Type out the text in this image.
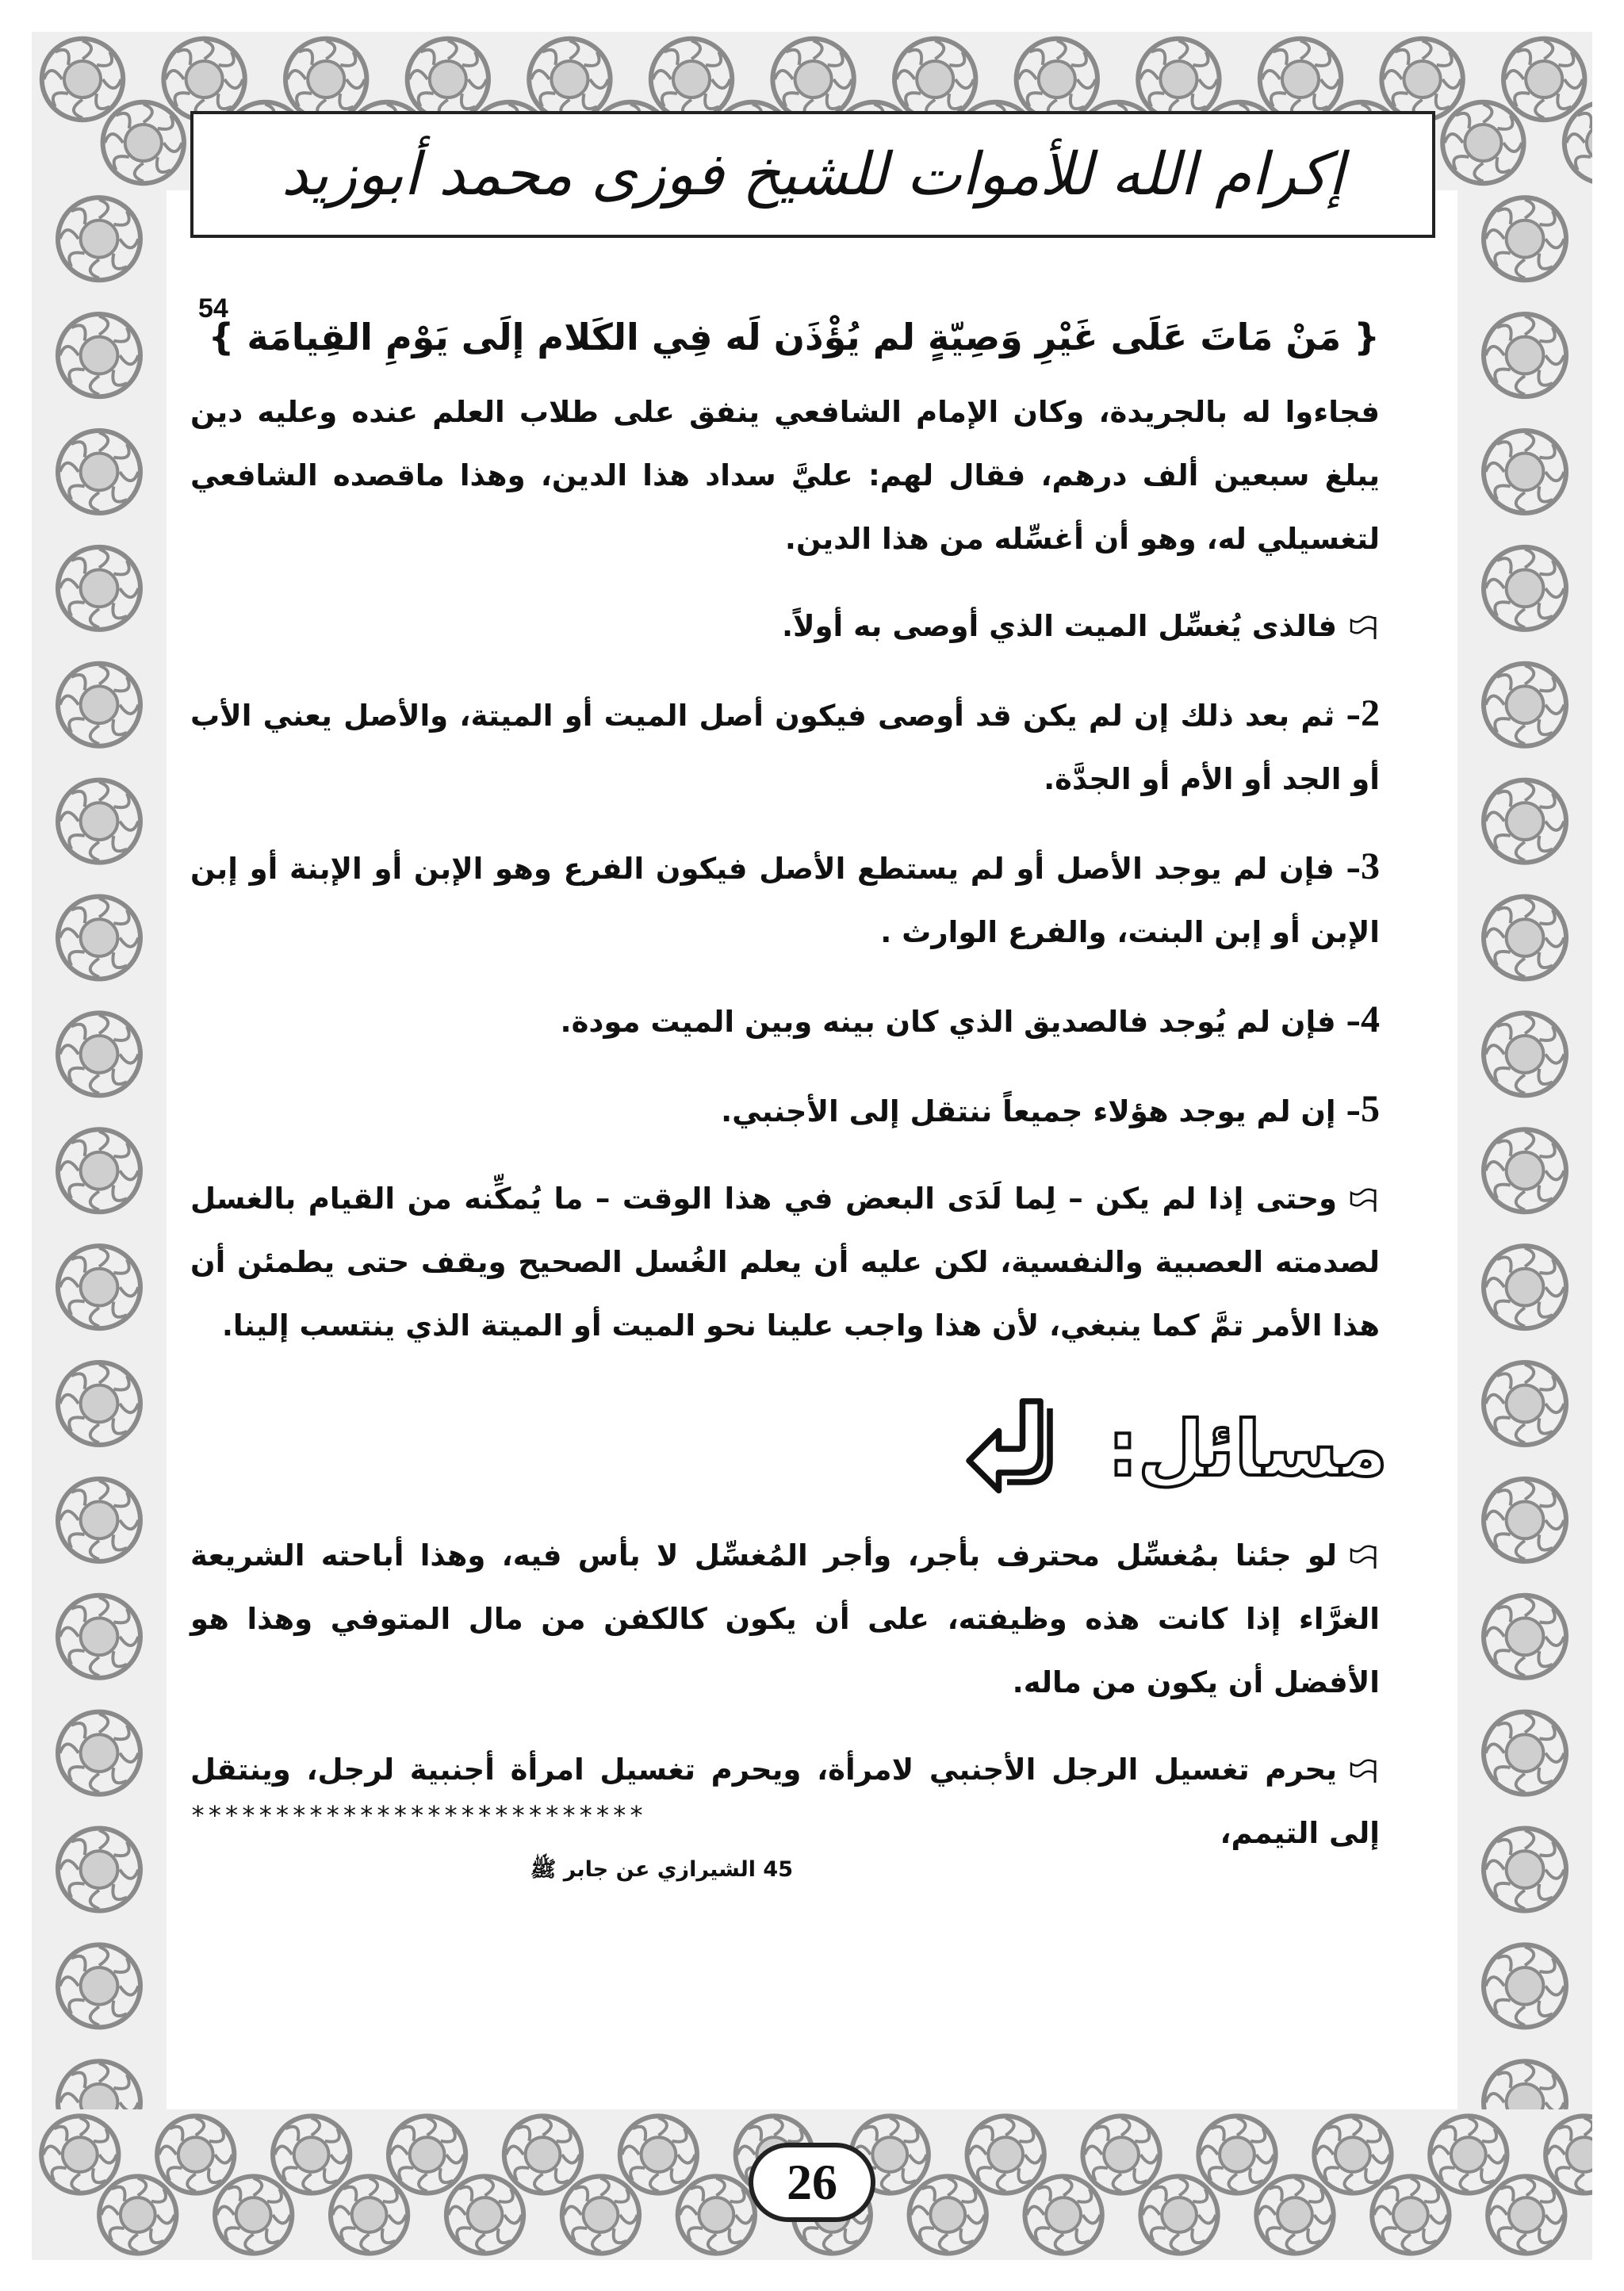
إكرام الله للأموات للشيخ فوزى محمد أبوزيد
{ مَنْ مَاتَ عَلَى غَيْرِ وَصِيّةٍ لم يُؤْذَن لَه فِي الكَلام إلَى يَوْمِ القِيامَة }
54

فجاءوا له بالجريدة، وكان الإمام الشافعي ينفق على طلاب العلم عنده وعليه دين يبلغ سبعين ألف درهم، فقال لهم: عليَّ سداد هذا الدين، وهذا ماقصده الشافعي لتغسيلي له، وهو أن أغسِّله من هذا الدين.

فالذى يُغسِّل الميت الذي أوصى به أولاً.

2– ثم بعد ذلك إن لم يكن قد أوصى فيكون أصل الميت أو الميتة، والأصل يعني الأب أو الجد أو الأم أو الجدَّة.

3– فإن لم يوجد الأصل أو لم يستطع الأصل فيكون الفرع وهو الإبن أو الإبنة أو إبن الإبن أو إبن البنت، والفرع الوارث .

4– فإن لم يُوجد فالصديق الذي كان بينه وبين الميت مودة.

5– إن لم يوجد هؤلاء جميعاً ننتقل إلى الأجنبي.

وحتى إذا لم يكن – لِما لَدَى البعض في هذا الوقت – ما يُمكِّنه من القيام بالغسل لصدمته العصبية والنفسية، لكن عليه أن يعلم الغُسل الصحيح ويقف حتى يطمئن أن هذا الأمر تمَّ كما ينبغي، لأن هذا واجب علينا نحو الميت أو الميتة الذي ينتسب إلينا.

مسائل:

لو جئنا بمُغسِّل محترف بأجر، وأجر المُغسِّل لا بأس فيه، وهذا أباحته الشريعة الغرَّاء إذا كانت هذه وظيفته، على أن يكون كالكفن من مال المتوفي وهذا هو الأفضل أن يكون من ماله.

يحرم تغسيل الرجل الأجنبي لامرأة، ويحرم تغسيل امرأة أجنبية لرجل، وينتقل إلى التيمم،

***************************
45 الشيرازي عن جابر ﷺ
26
